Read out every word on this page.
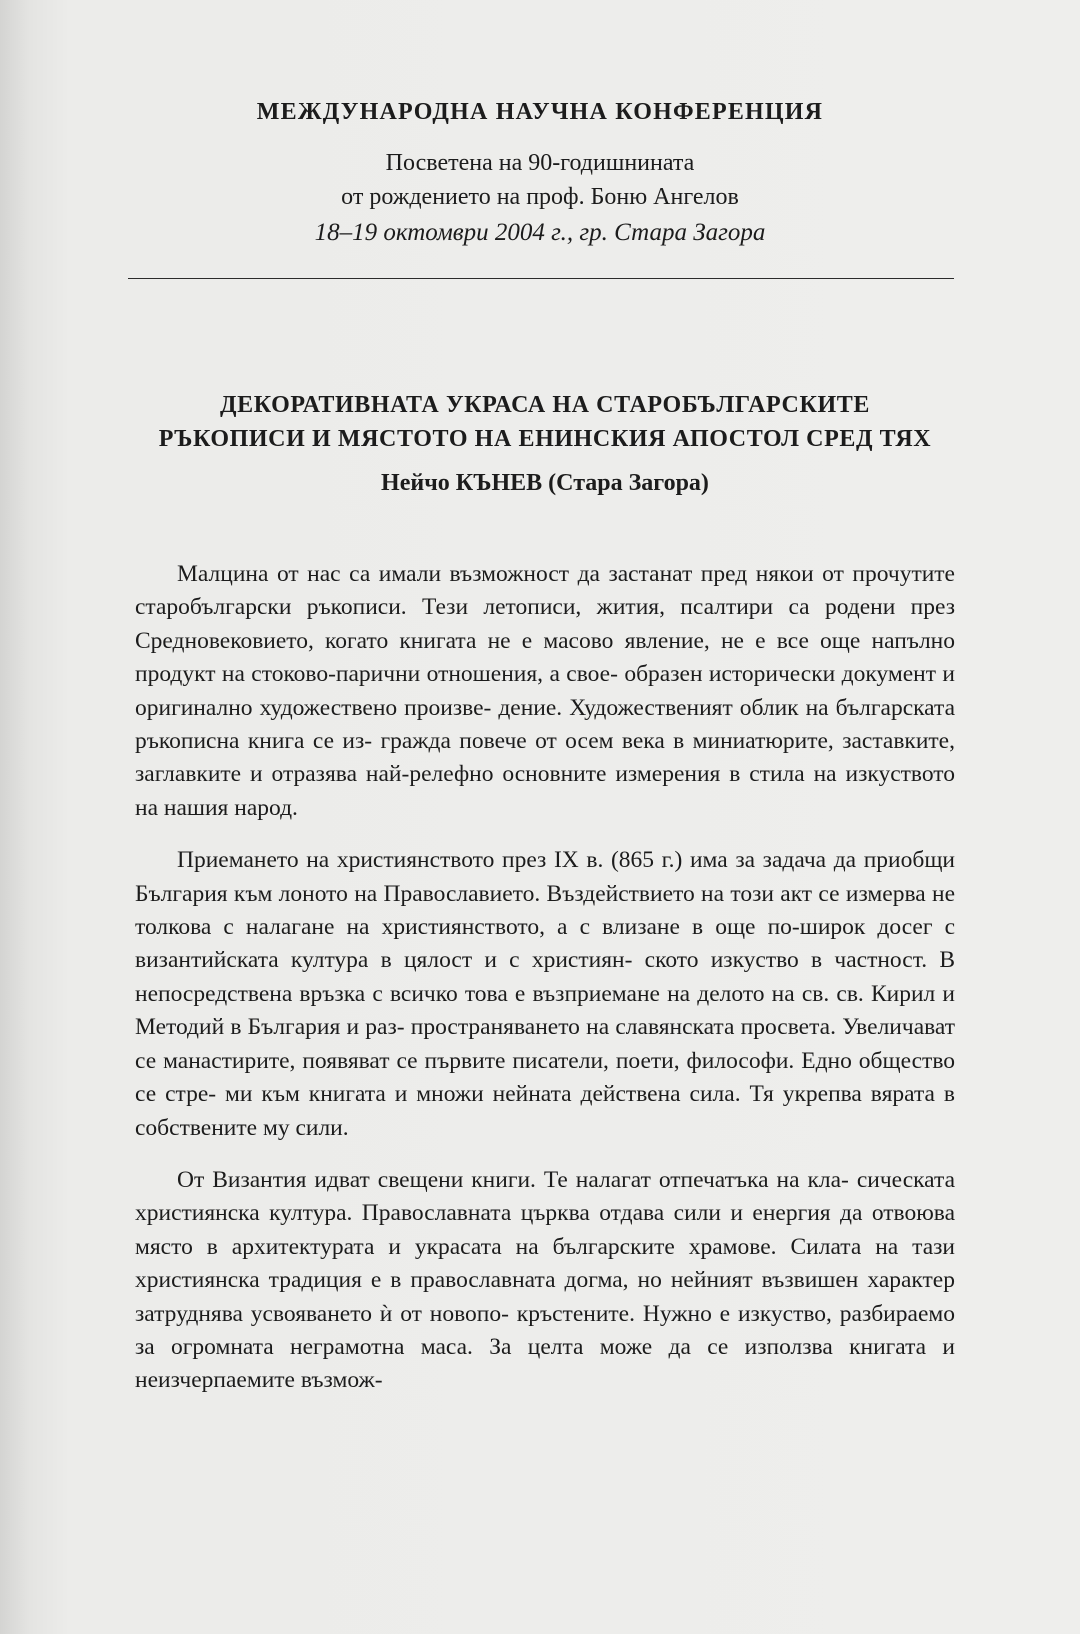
МЕЖДУНАРОДНА НАУЧНА КОНФЕРЕНЦИЯ

Посветена на 90-годишнината

от рождението на проф. Боню Ангелов

18–19 октомври 2004 г., гр. Стара Загора

ДЕКОРАТИВНАТА УКРАСА НА СТАРОБЪЛГАРСКИТЕ

РЪКОПИСИ И МЯСТОТО НА ЕНИНСКИЯ АПОСТОЛ СРЕД ТЯХ

Нейчо КЪНЕВ (Стара Загора)

Малцина от нас са имали възможност да застанат пред някои от прочутите старобългарски ръкописи. Тези летописи, жития, псалтири са родени през Средновековието, когато книгата не е масово явление, не е все още напълно продукт на стоково-парични отношения, а свое- образен исторически документ и оригинално художествено произве- дение. Художественият облик на българската ръкописна книга се из- гражда повече от осем века в миниатюрите, заставките, заглавките и отразява най-релефно основните измерения в стила на изкуството на нашия народ.

Приемането на християнството през IX в. (865 г.) има за задача да приобщи България към лоното на Православието. Въздействието на този акт се измерва не толкова с налагане на християнството, а с влизане в още по-широк досег с византийската култура в цялост и с християн- ското изкуство в частност. В непосредствена връзка с всичко това е възприемане на делото на св. св. Кирил и Методий в България и раз- пространяването на славянската просвета. Увеличават се манастирите, появяват се първите писатели, поети, философи. Едно общество се стре- ми към книгата и множи нейната действена сила. Тя укрепва вярата в собствените му сили.

От Византия идват свещени книги. Те налагат отпечатъка на кла- сическата християнска култура. Православната църква отдава сили и енергия да отвоюва място в архитектурата и украсата на българските храмове. Силата на тази християнска традиция е в православната догма, но нейният възвишен характер затруднява усвояването ѝ от новопо- кръстените. Нужно е изкуство, разбираемо за огромната неграмотна маса. За целта може да се използва книгата и неизчерпаемите възмож-
